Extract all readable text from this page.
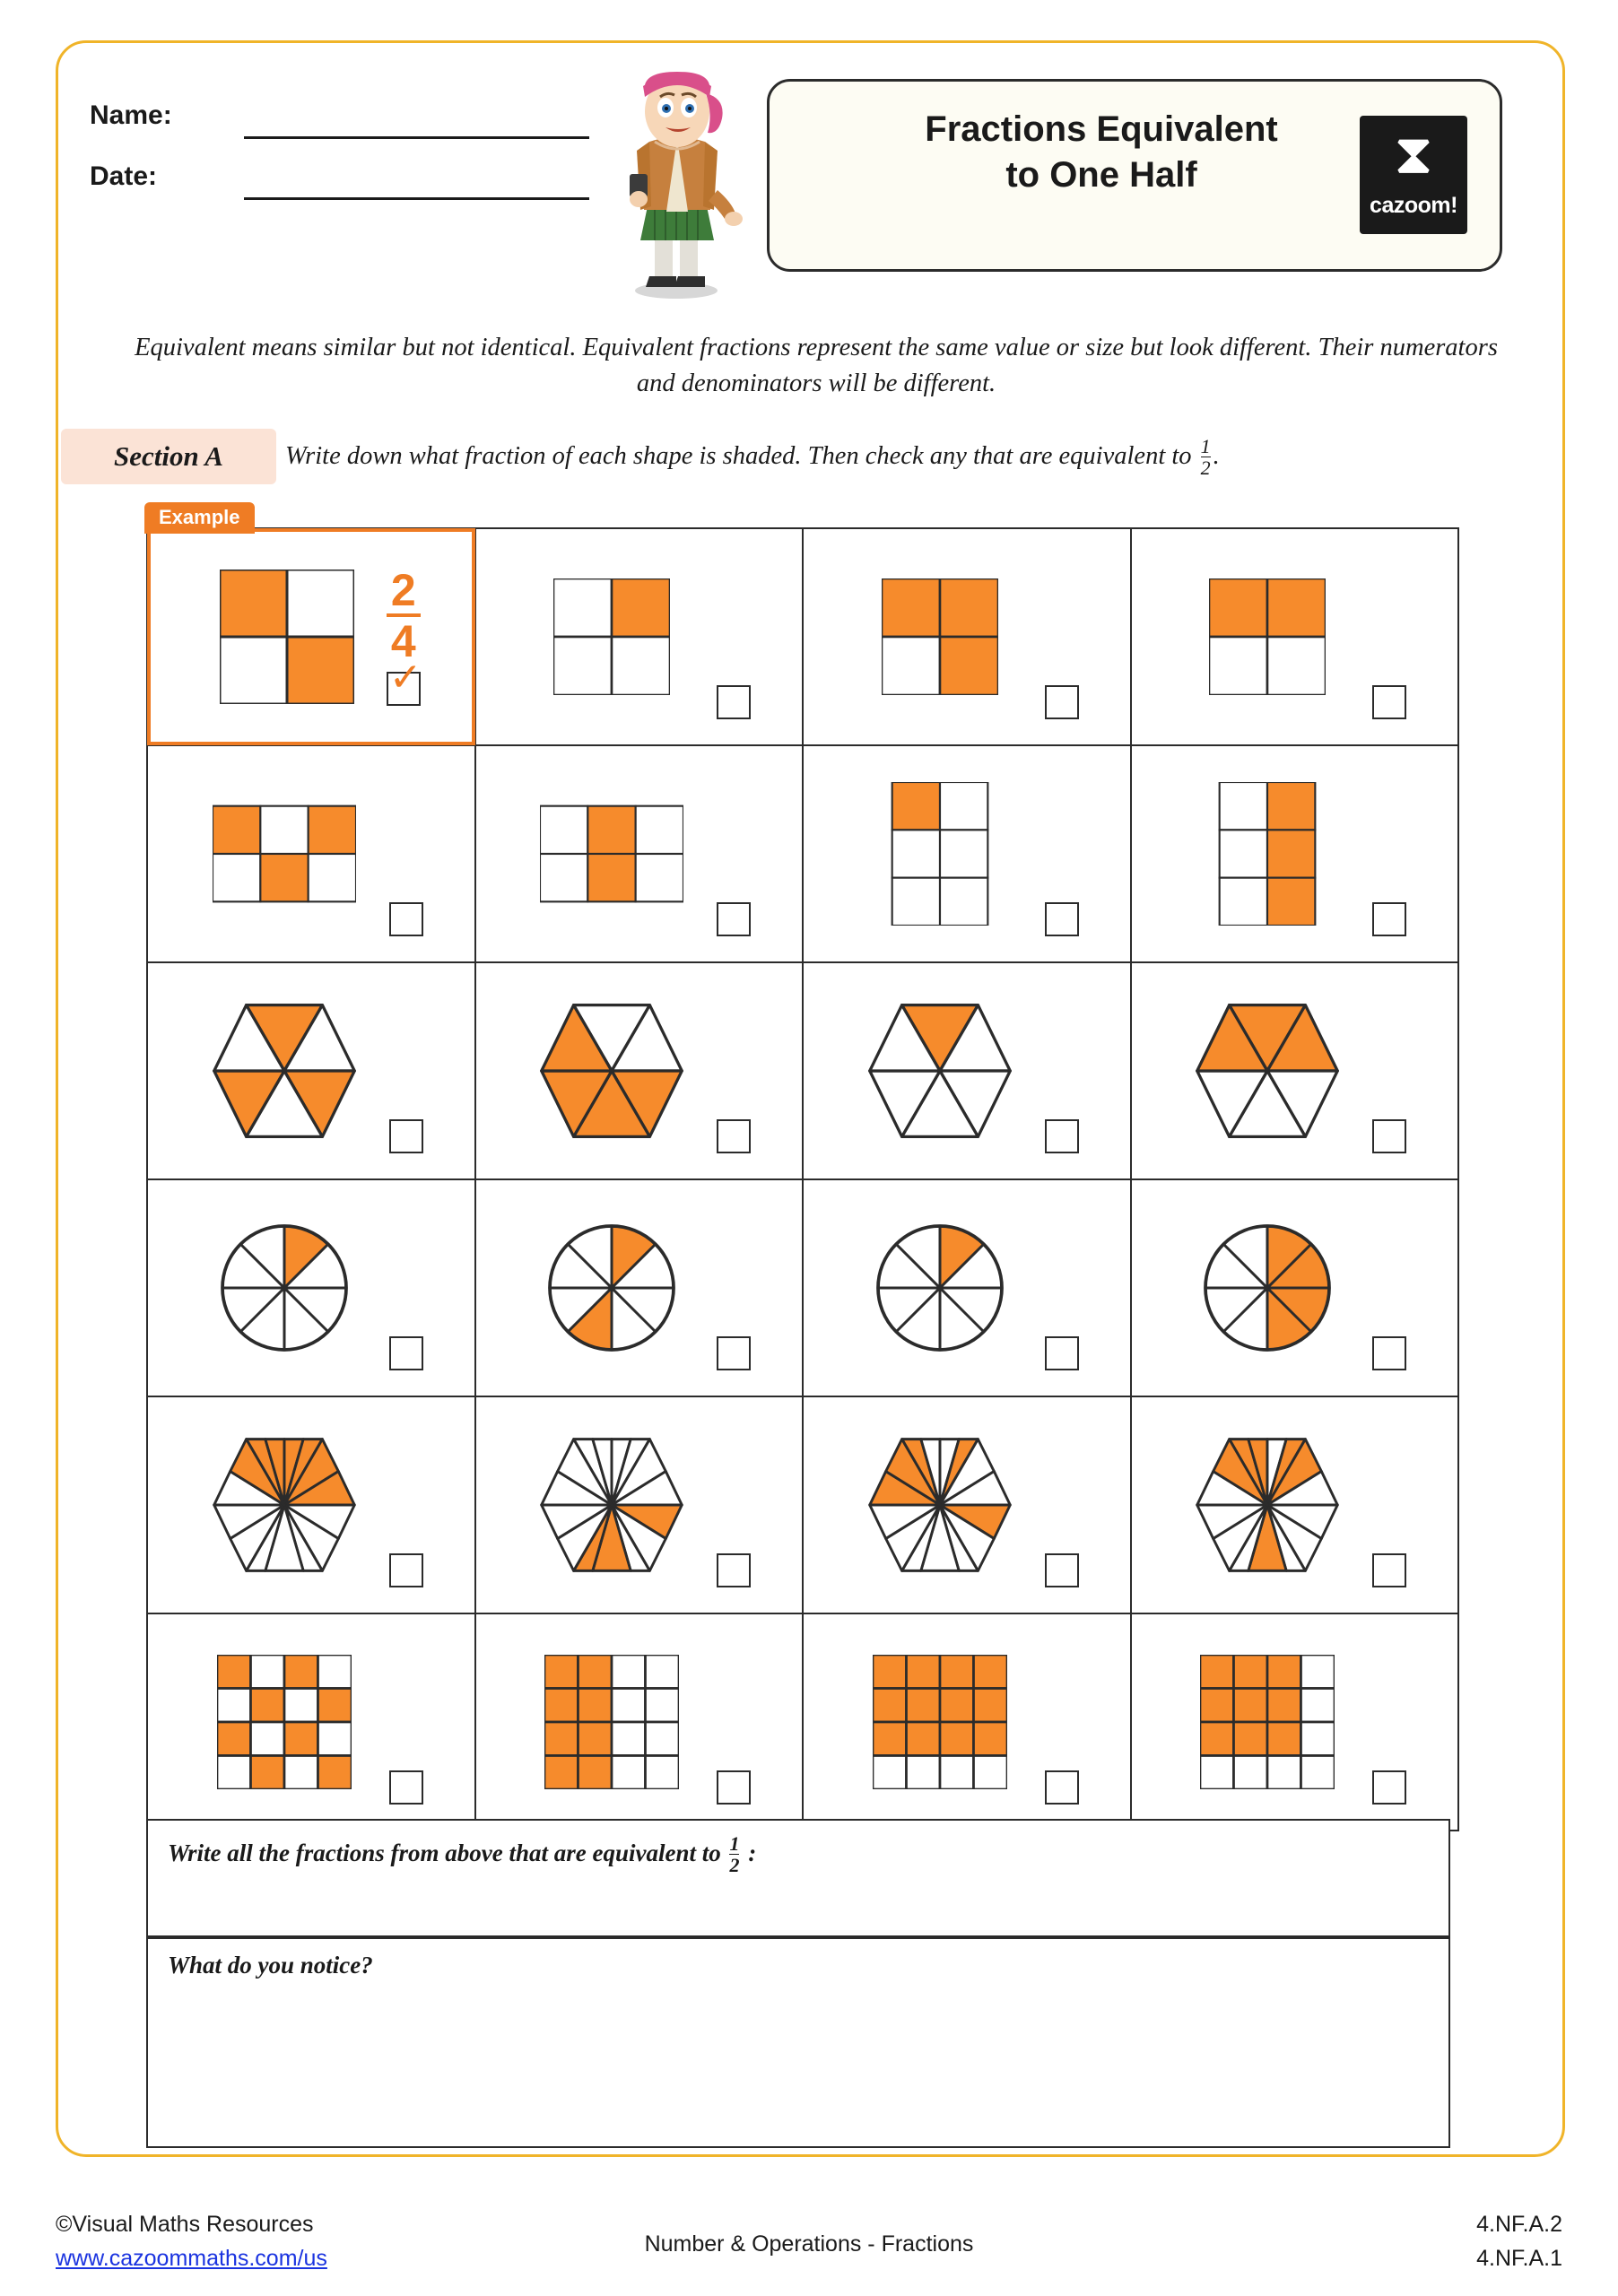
Name:
Date:
Fractions Equivalent
to One Half	⧗
cazoom!
Equivalent means similar but not identical. Equivalent fractions represent the same value or size but look different. Their numerators and denominators will be different.
Section A	Write down what fraction of each shape is shaded. Then check any that are equivalent to $\frac{1}{2}$ .
Example
2
4
✓

Write all the fractions from above that are equivalent to $\frac{1}{2}$ :
What do you notice?
©Visual Maths Resources
www.cazoommaths.com/us
Number & Operations - Fractions
4.NF.A.2
4.NF.A.1
